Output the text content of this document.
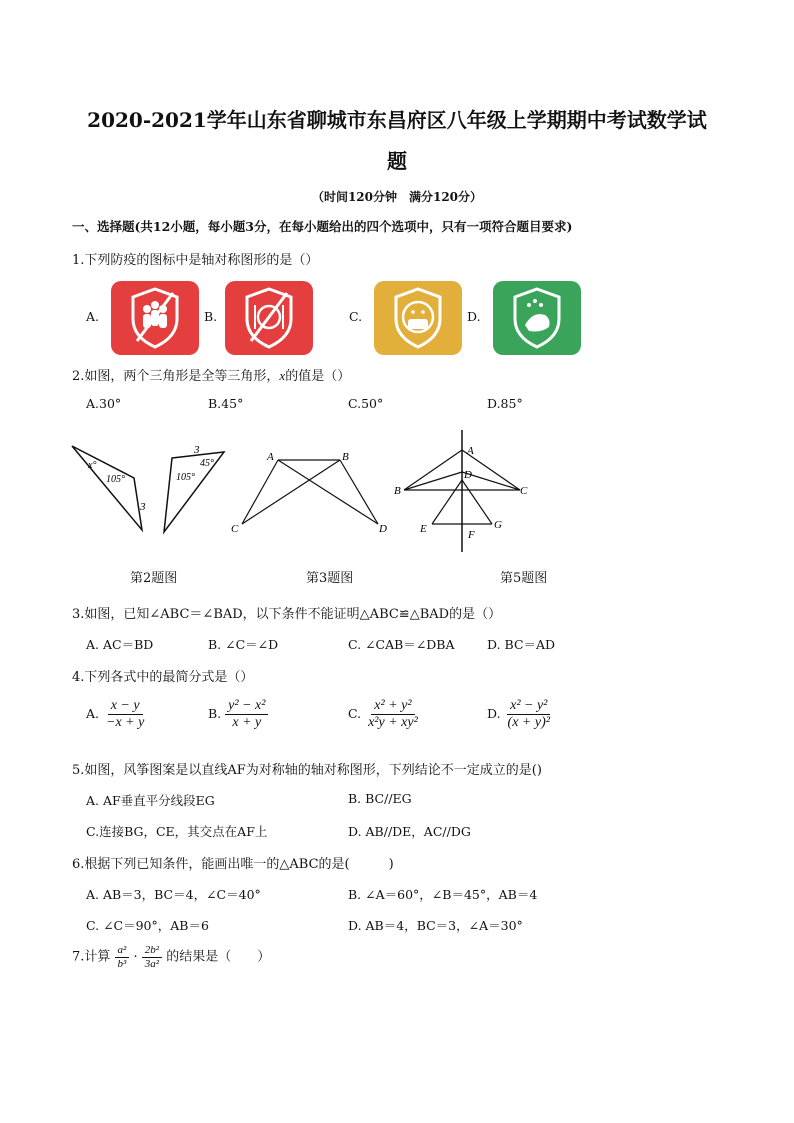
2020-2021学年山东省聊城市东昌府区八年级上学期期中考试数学试
题
（时间120分钟　满分120分）
一、选择题(共12小题，每小题3分，在每小题给出的四个选项中，只有一项符合题目要求)
1.下列防疫的图标中是轴对称图形的是（）
A.	B.	C.	D.
2.如图，两个三角形是全等三角形，x的值是（）
A.30°	B.45°	C.50°	D.85°
x°
105°
3
3
45°
105°
A	B
C	D
A
B	C
D
E	G
F
第2题图	第3题图	第5题图
3.如图，已知∠ABC＝∠BAD，以下条件不能证明△ABC≌△BAD的是（）
A. AC＝BD	B. ∠C＝∠D	C. ∠CAB＝∠DBA	D. BC＝AD
4.下列各式中的最简分式是（）
A. $\frac{x - y}{-x + y}$	B. $\frac{\text{y² − x²}}{x + y}$	C. $\frac{\text{x² + y²}}{\text{x²y + xy²}}$	D. $\frac{\text{x² − y²}}{\text{(x + y)²}}$
5.如图，风筝图案是以直线AF为对称轴的轴对称图形，下列结论不一定成立的是()
A. AF垂直平分线段EG	B. BC//EG
C.连接BG，CE，其交点在AF上	D. AB//DE，AC//DG
6.根据下列已知条件，能画出唯一的△ABC的是(　　　)
A. AB＝3，BC＝4，∠C＝40°	B. ∠A＝60°，∠B＝45°，AB＝4
C. ∠C＝90°，AB＝6	D. AB＝4，BC＝3，∠A＝30°
7.计算 $\frac{\text{a²}}{\text{b³}} \cdot \frac{\text{2b²}}{\text{3a²}}$ 的结果是（　　）
